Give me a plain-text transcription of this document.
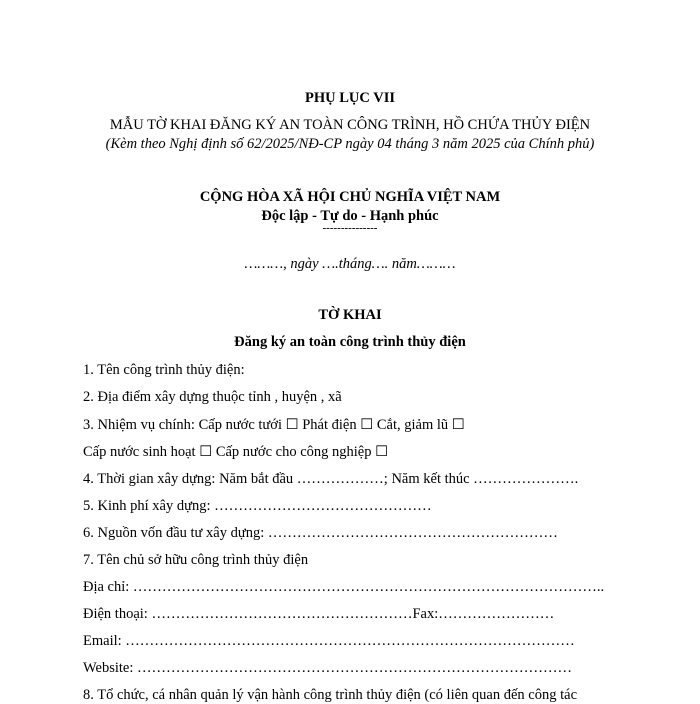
PHỤ LỤC VII
MẪU TỜ KHAI ĐĂNG KÝ AN TOÀN CÔNG TRÌNH, HỒ CHỨA THỦY ĐIỆN
(Kèm theo Nghị định số 62/2025/NĐ-CP ngày 04 tháng 3 năm 2025 của Chính phủ)
CỘNG HÒA XÃ HỘI CHỦ NGHĨA VIỆT NAM
Độc lập - Tự do - Hạnh phúc
---------------
………, ngày ….tháng…. năm………
TỜ KHAI
Đăng ký an toàn công trình thủy điện
1. Tên công trình thủy điện:
2. Địa điểm xây dựng thuộc tỉnh , huyện , xã
3. Nhiệm vụ chính: Cấp nước tưới ☐ Phát điện ☐ Cắt, giảm lũ ☐
Cấp nước sinh hoạt ☐ Cấp nước cho công nghiệp ☐
4. Thời gian xây dựng: Năm bắt đầu ………………; Năm kết thúc ………………….
5. Kinh phí xây dựng: ………………………………………
6. Nguồn vốn đầu tư xây dựng: ……………………………………………………
7. Tên chủ sở hữu công trình thủy điện
Địa chỉ: ……………………………………………………………………………………..
Điện thoại: ………………………………………………Fax:……………………
Email: …………………………………………………………………………………
Website: ………………………………………………………………………………
8. Tổ chức, cá nhân quản lý vận hành công trình thủy điện (có liên quan đến công tác
